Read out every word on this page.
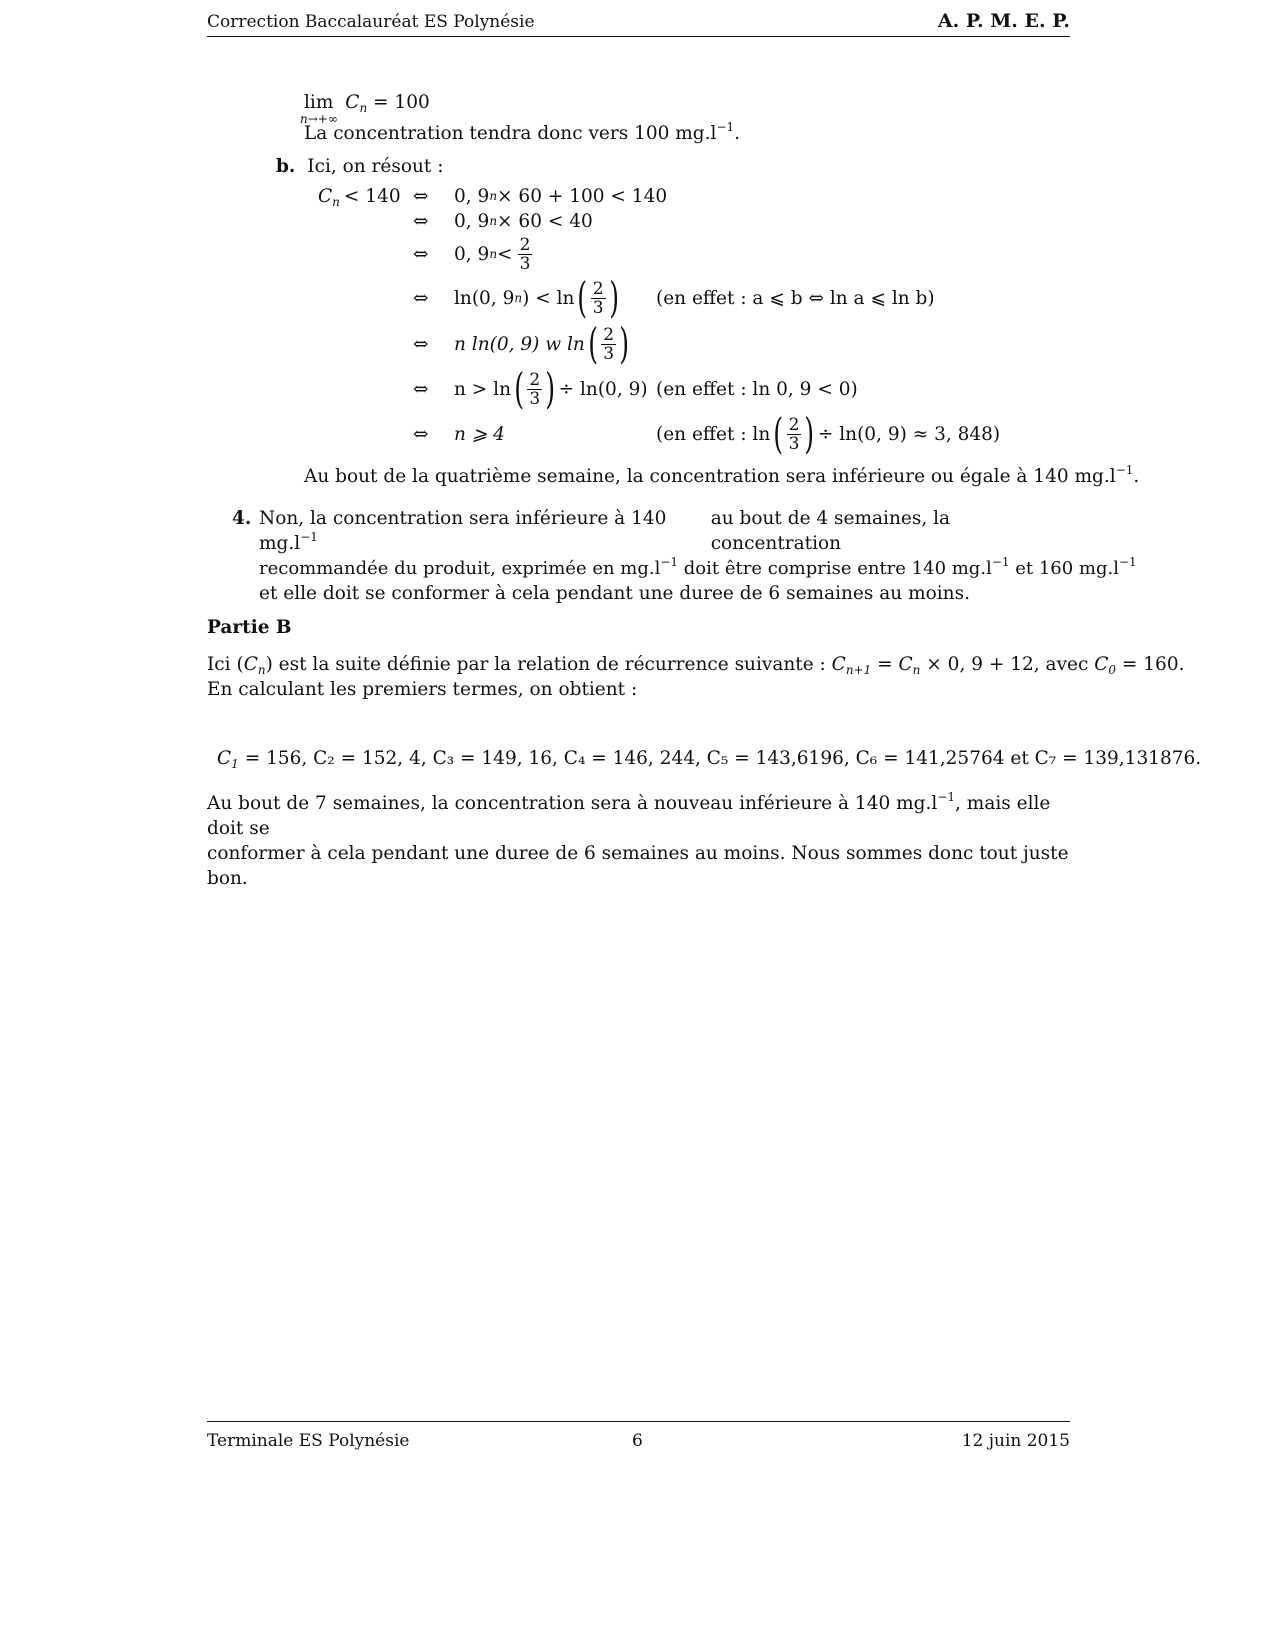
Correction Baccalauréat ES Polynésie	A. P. M. E. P.
lim
n→+∞
$C_n = 100$
La concentration tendra donc vers 100 $mg.l^{-1}$.
b. Ici, on résout :
$C_n < 140$ ⇔ 0, 9 n × 60 + 100 < 140
⇔ 0, 9 n × 60 < 40
⇔ 0, 9 $n < \frac{2}{3}$
⇔ ln(0, 9 n ) < ln ( $\frac{2}{3}$ ) (en effet : a ⩽ b ⇔ ln a ⩽ ln b)
⇔ n ln(0, 9) w ln ( $\frac{2}{3}$ )
⇔ n > ln ( $\frac{2}{3}$ ) ÷ ln(0, 9) (en effet : ln 0, 9 < 0)
⇔ n ⩾ 4	(en effet : ln ( $\frac{2}{3}$ ) ÷ ln(0, 9) ≈ 3, 848)
Au bout de la quatrième semaine, la concentration sera inférieure ou égale à 140 $mg.l^{-1}$.
4. Non, la concentration sera inférieure à 140 $mg.l^{-1}$
au bout de 4 semaines, la concentration
recommandée du produit, exprimée en $mg.l^{-1}$ doit être comprise entre 140 $mg.l^{-1}$ et 160 $mg.l^{-1}$
et elle doit se conformer à cela pendant une duree de 6 semaines au moins.
Partie B
Ici $(C_n)$ est la suite définie par la relation de récurrence suivante : $C_{n+1} = C_n \times 0$, 9 + 12, avec $C_0 = 160$.
En calculant les premiers termes, on obtient :
$C_1 = 156$, C₂ = 152, 4, C₃ = 149, 16, C₄ = 146, 244, C₅ = 143,6196, C₆ = 141,25764 et C₇ = 139,131876.
Au bout de 7 semaines, la concentration sera à nouveau inférieure à 140 $mg.l^{-1}$, mais elle doit se
conformer à cela pendant une duree de 6 semaines au moins. Nous sommes donc tout juste bon.
Terminale ES Polynésie	6	12 juin 2015
